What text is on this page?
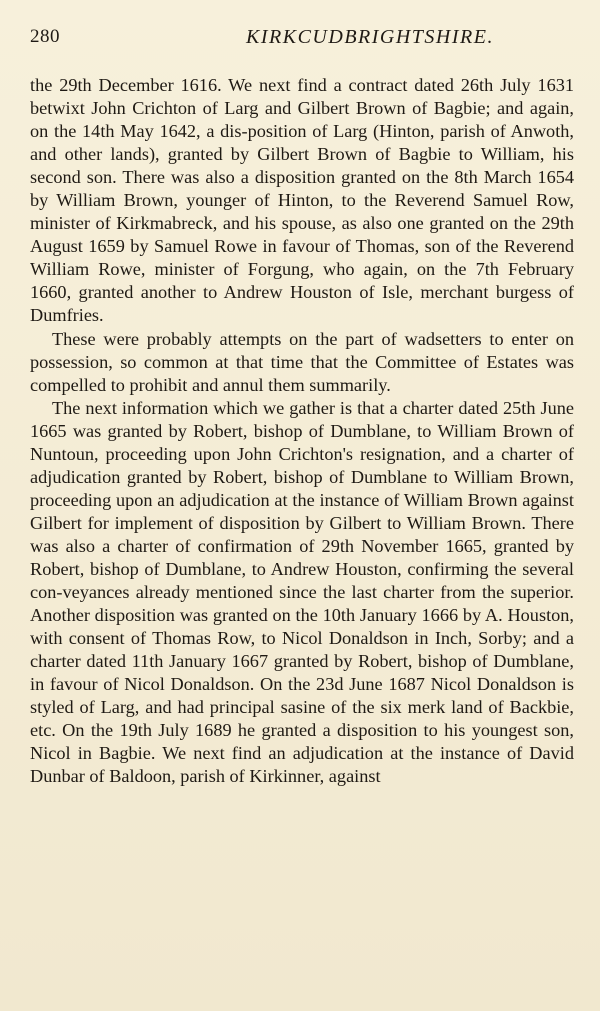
280	KIRKCUDBRIGHTSHIRE.

the 29th December 1616. We next find a contract dated 26th July 1631 betwixt John Crichton of Larg and Gilbert Brown of Bagbie; and again, on the 14th May 1642, a dis-position of Larg (Hinton, parish of Anwoth, and other lands), granted by Gilbert Brown of Bagbie to William, his second son. There was also a disposition granted on the 8th March 1654 by William Brown, younger of Hinton, to the Reverend Samuel Row, minister of Kirkmabreck, and his spouse, as also one granted on the 29th August 1659 by Samuel Rowe in favour of Thomas, son of the Reverend William Rowe, minister of Forgung, who again, on the 7th February 1660, granted another to Andrew Houston of Isle, merchant burgess of Dumfries.

These were probably attempts on the part of wadsetters to enter on possession, so common at that time that the Committee of Estates was compelled to prohibit and annul them summarily.

The next information which we gather is that a charter dated 25th June 1665 was granted by Robert, bishop of Dumblane, to William Brown of Nuntoun, proceeding upon John Crichton's resignation, and a charter of adjudication granted by Robert, bishop of Dumblane to William Brown, proceeding upon an adjudication at the instance of William Brown against Gilbert for implement of disposition by Gilbert to William Brown. There was also a charter of confirmation of 29th November 1665, granted by Robert, bishop of Dumblane, to Andrew Houston, confirming the several con-veyances already mentioned since the last charter from the superior. Another disposition was granted on the 10th January 1666 by A. Houston, with consent of Thomas Row, to Nicol Donaldson in Inch, Sorby; and a charter dated 11th January 1667 granted by Robert, bishop of Dumblane, in favour of Nicol Donaldson. On the 23d June 1687 Nicol Donaldson is styled of Larg, and had principal sasine of the six merk land of Backbie, etc. On the 19th July 1689 he granted a disposition to his youngest son, Nicol in Bagbie. We next find an adjudication at the instance of David Dunbar of Baldoon, parish of Kirkinner, against
